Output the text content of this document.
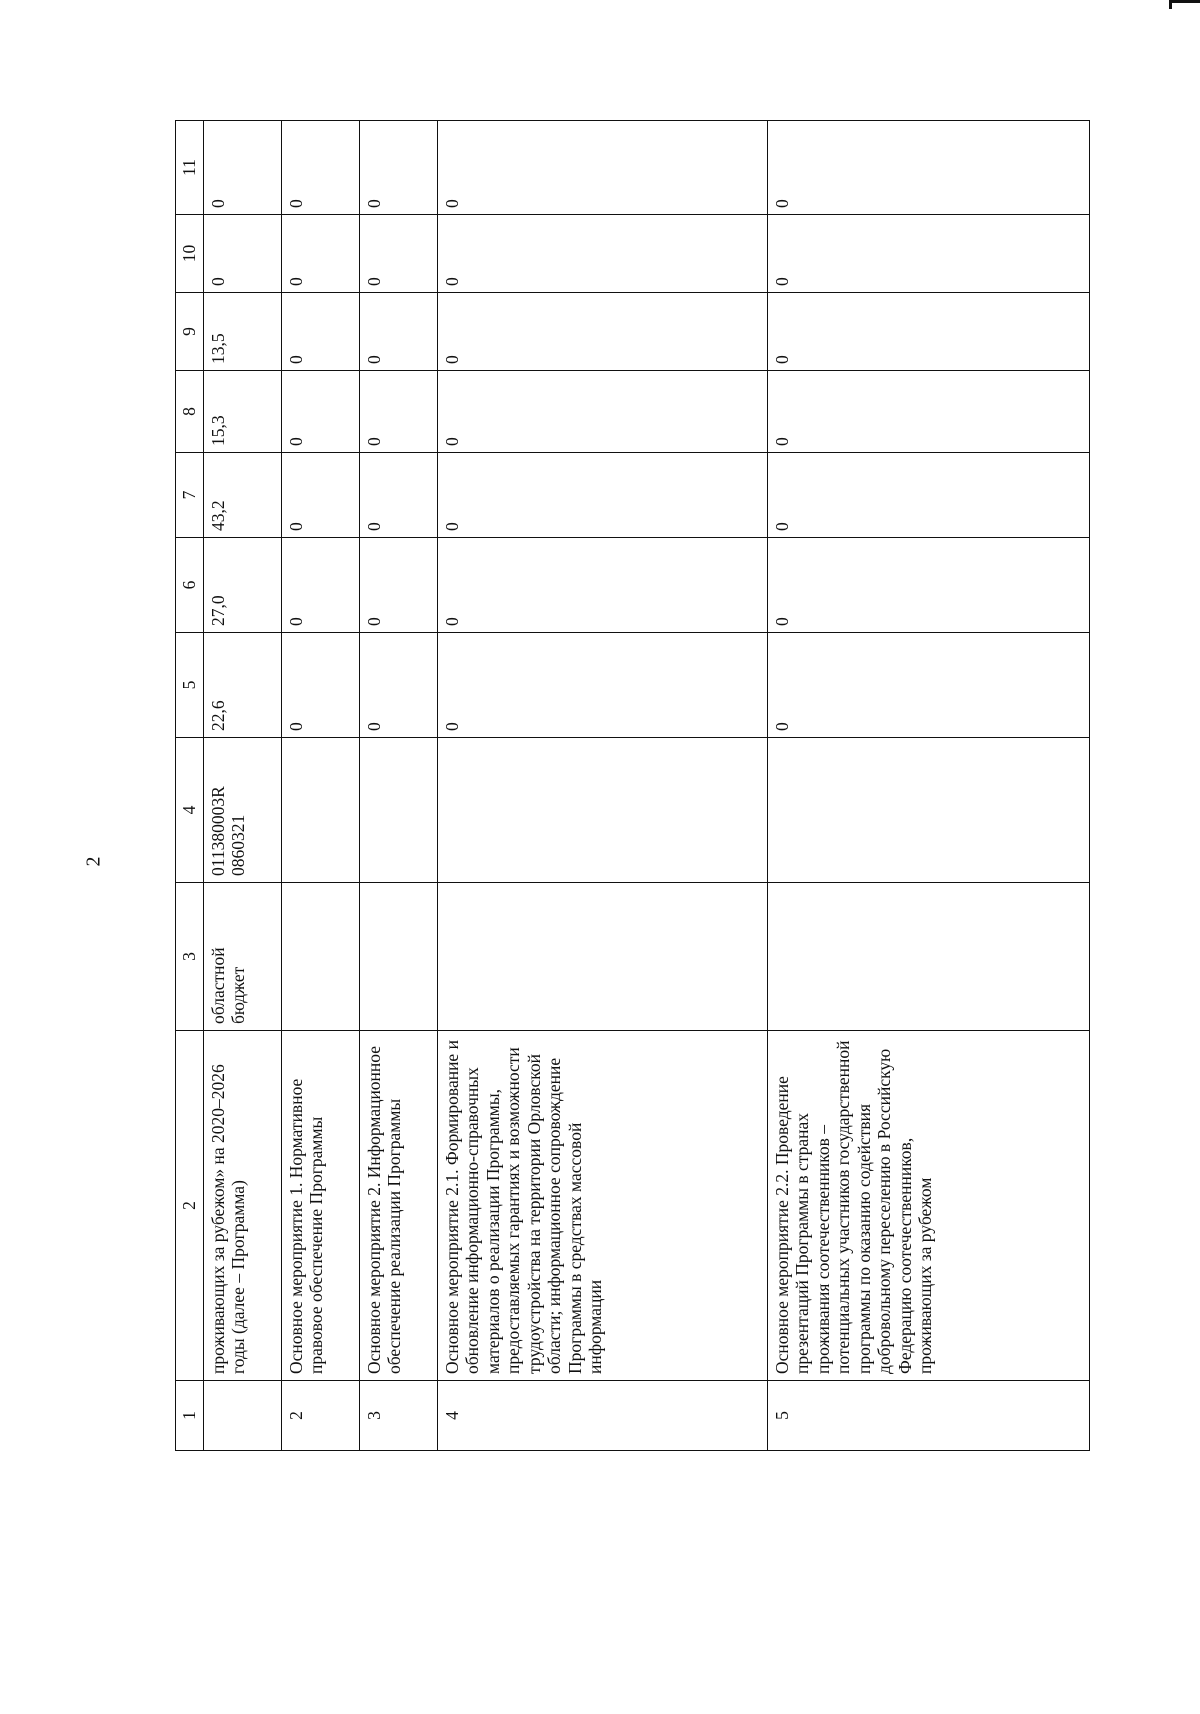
2
1	2	3	4	5	6	7	8	9	10	11
	проживающих за рубежом» на 2020–2026 годы (далее – Программа)	областной бюджет	011380003R 0860321	22,6	27,0	43,2	15,3	13,5	0	0
2	Основное мероприятие 1. Нормативное правовое обеспечение Программы			0	0	0	0	0	0	0
3	Основное мероприятие 2. Информационное обеспечение реализации Программы			0	0	0	0	0	0	0
4	Основное мероприятие 2.1. Формирование и обновление информационно-справочных материалов о реализации Программы, предоставляемых гарантиях и возможности трудоустройства на территории Орловской области; информационное сопровождение Программы в средствах массовой информации			0	0	0	0	0	0	0
5	Основное мероприятие 2.2. Проведение презентаций Программы в странах проживания соотечественников – потенциальных участников государственной программы по оказанию содействия добровольному переселению в Российскую Федерацию соотечественников, проживающих за рубежом			0	0	0	0	0	0	0
